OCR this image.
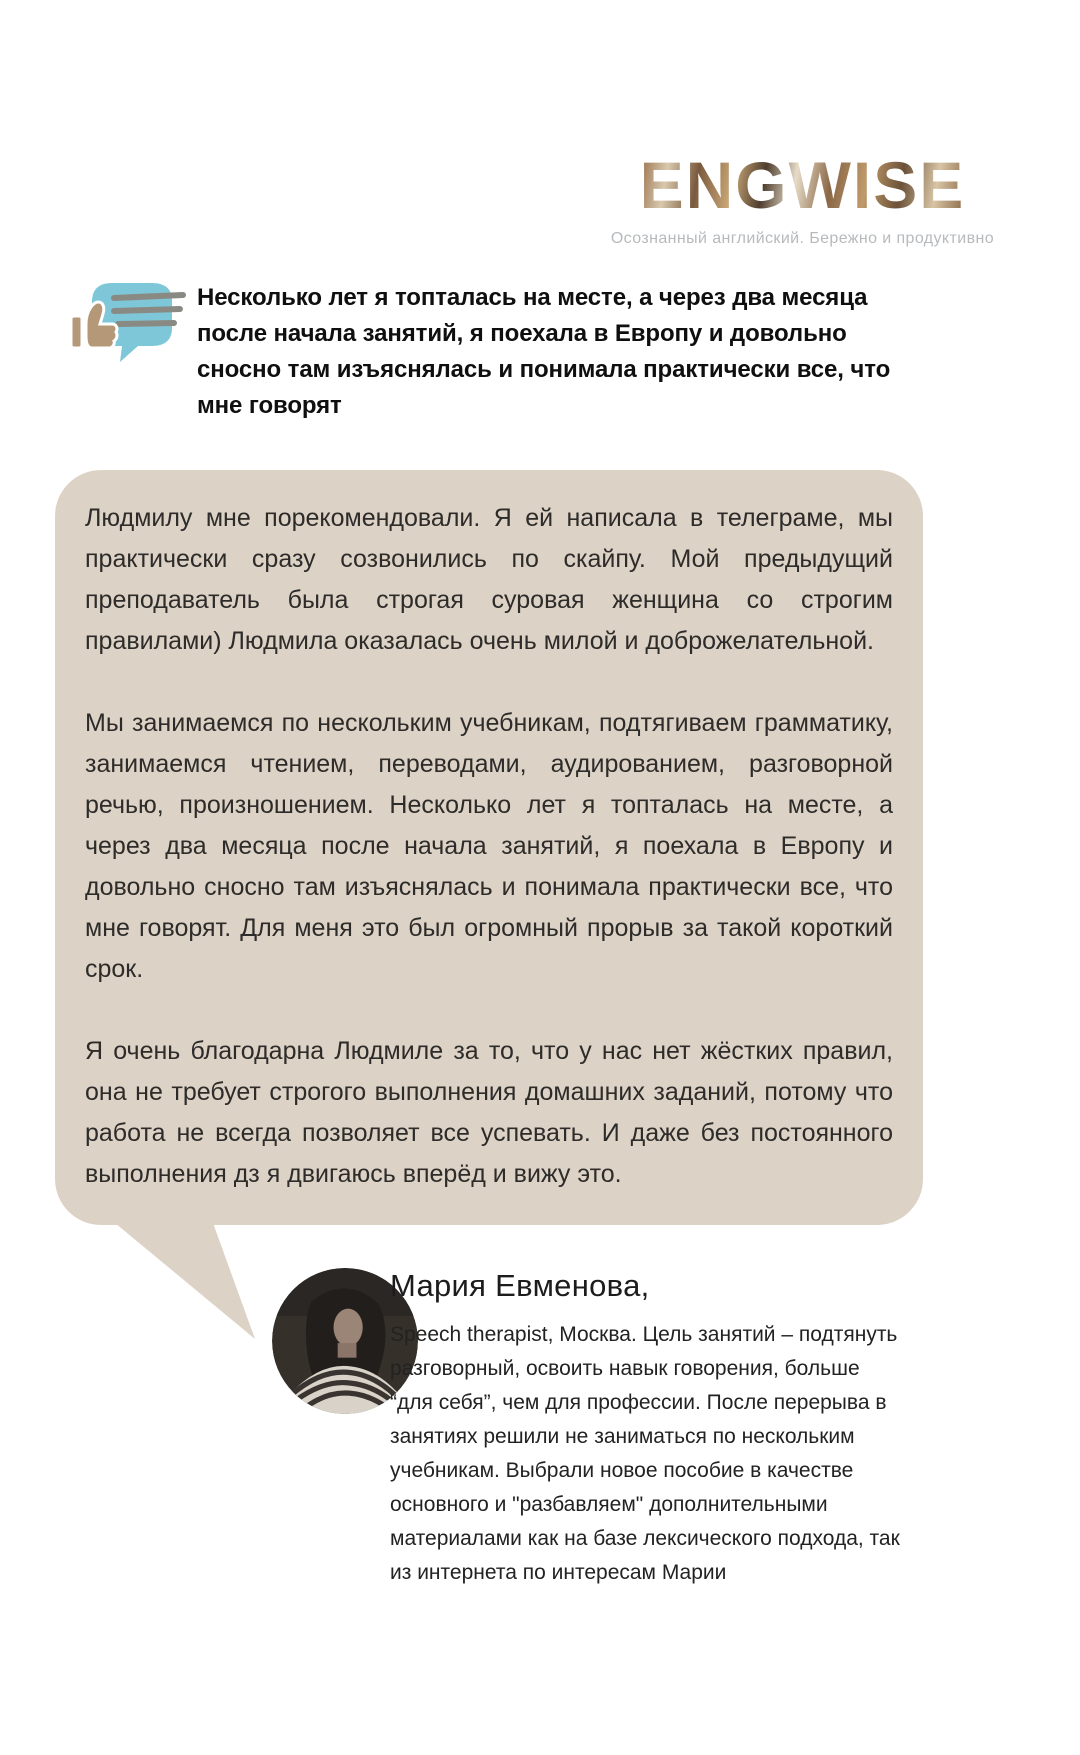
ENGWISE
Осознанный английский. Бережно и продуктивно
Несколько лет я топталась на месте, а через два месяца после начала занятий, я поехала в Европу и довольно сносно там изъяснялась и понимала практически все, что мне говорят

Людмилу мне порекомендовали. Я ей написала в телеграме, мы практически сразу созвонились по скайпу. Мой предыдущий преподаватель была строгая суровая женщина со строгим правилами) Людмила оказалась очень милой и доброжелательной.

Мы занимаемся по нескольким учебникам, подтягиваем грамматику, занимаемся чтением, переводами, аудированием, разговорной речью, произношением. Несколько лет я топталась на месте, а через два месяца после начала занятий, я поехала в Европу и довольно сносно там изъяснялась и понимала практически все, что мне говорят. Для меня это был огромный прорыв за такой короткий срок.

Я очень благодарна Людмиле за то, что у нас нет жёстких правил, она не требует строгого выполнения домашних заданий, потому что работа не всегда позволяет все успевать. И даже без постоянного выполнения дз я двигаюсь вперёд и вижу это.

Мария Евменова,
Speech therapist, Москва. Цель занятий – подтянуть разговорный, освоить навык говорения, больше “для себя”, чем для профессии. После перерыва в занятиях решили не заниматься по нескольким учебникам. Выбрали новое пособие в качестве основного и "разбавляем" дополнительными материалами как на базе лексического подхода, так из интернета по интересам Марии
